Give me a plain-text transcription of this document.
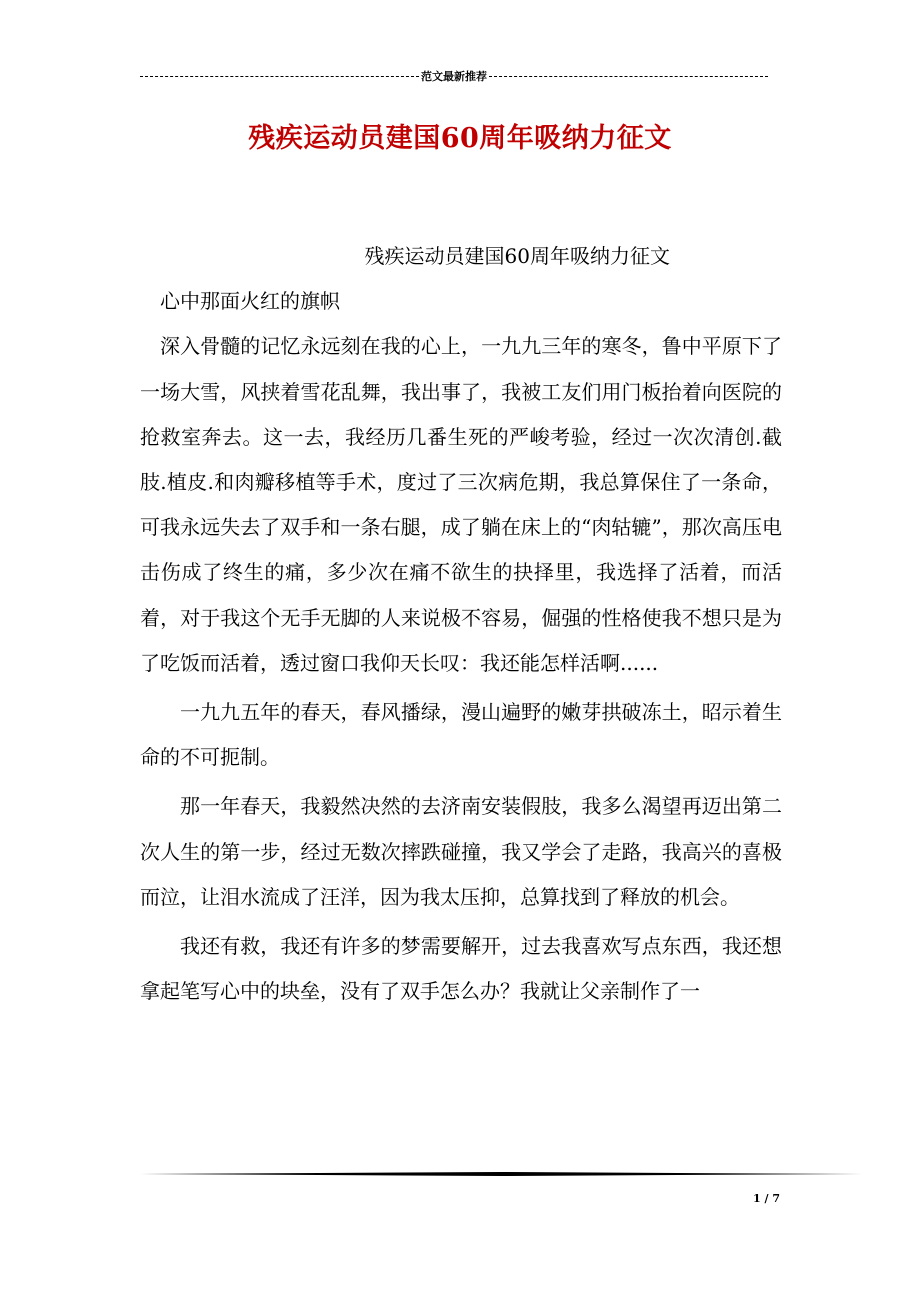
范文最新推荐
残疾运动员建国60周年吸纳力征文

残疾运动员建国60周年吸纳力征文

心中那面火红的旗帜

深入骨髓的记忆永远刻在我的心上，一九九三年的寒冬，鲁中平原下了一场大雪，风挟着雪花乱舞，我出事了，我被工友们用门板抬着向医院的抢救室奔去。这一去，我经历几番生死的严峻考验，经过一次次清创.截肢.植皮.和肉瓣移植等手术，度过了三次病危期，我总算保住了一条命，可我永远失去了双手和一条右腿，成了躺在床上的“肉轱辘”，那次高压电击伤成了终生的痛，多少次在痛不欲生的抉择里，我选择了活着，而活着，对于我这个无手无脚的人来说极不容易，倔强的性格使我不想只是为了吃饭而活着，透过窗口我仰天长叹：我还能怎样活啊......

一九九五年的春天，春风播绿，漫山遍野的嫩芽拱破冻土，昭示着生命的不可扼制。

那一年春天，我毅然决然的去济南安装假肢，我多么渴望再迈出第二次人生的第一步，经过无数次摔跌碰撞，我又学会了走路，我高兴的喜极而泣，让泪水流成了汪洋，因为我太压抑，总算找到了释放的机会。

我还有救，我还有许多的梦需要解开，过去我喜欢写点东西，我还想拿起笔写心中的块垒，没有了双手怎么办？我就让父亲制作了一

1 / 7
